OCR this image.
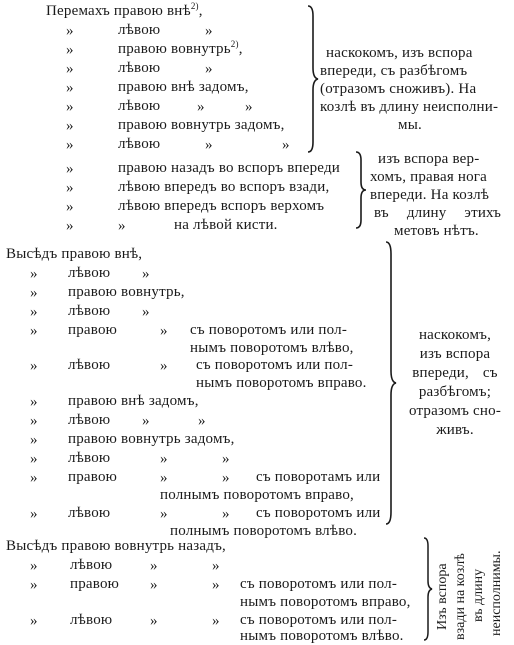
Перемахъ правою внѣ$^{2)}$,
»	лѣвою	»
»	правою вовнутрь$^{2)}$,
»	лѣвою	»
»	правою внѣ задомъ,
»	лѣвою »	»
»	правою вовнутрь задомъ,
»	лѣвою	»	»
наскокомъ, изъ вспора
впереди, съ разбѣгомъ
(отразомъ сноживъ). На
козлѣ въ длину неисполни-
мы.
»	правою назадъ во вспоръ впереди
»	лѣвою впередъ во вспоръ взади,
»	лѣвою впередъ вспоръ верхомъ
»	»	на лѣвой кисти.
изъ вспора вер-
хомъ, правая нога
впереди. На козлѣ
въ длину этихъ
метовъ нѣтъ.
Высѣдъ правою внѣ,
» лѣвою »
» правою вовнутрь,
» лѣвою »
» правою	» съ поворотомъ или пол-
нымъ поворотомъ влѣво,
» лѣвою	» съ поворотомъ или пол-
нымъ поворотомъ вправо.
» правою внѣ задомъ,
» лѣвою »	»
» правою вовнутрь задомъ,
» лѣвою	»	»
» правою	»	» съ поворотамъ или
полнымъ поворотомъ вправо,
» лѣвою	»	» съ поворотомъ или
полнымъ поворотомъ влѣво.
наскокомъ,
изъ вспора
впереди, съ
разбѣгомъ;
отразомъ сно-
живъ.
Высѣдъ правою вовнутрь назадъ,
» лѣвою	»	»
» правою »	» съ поворотомъ или пол-
нымъ поворотомъ вправо,
» лѣвою	»	» съ поворотомъ или пол-
нымъ поворотомъ влѣво.
Изъ вспора взади на козлѣ въ длину неисполнимы.
